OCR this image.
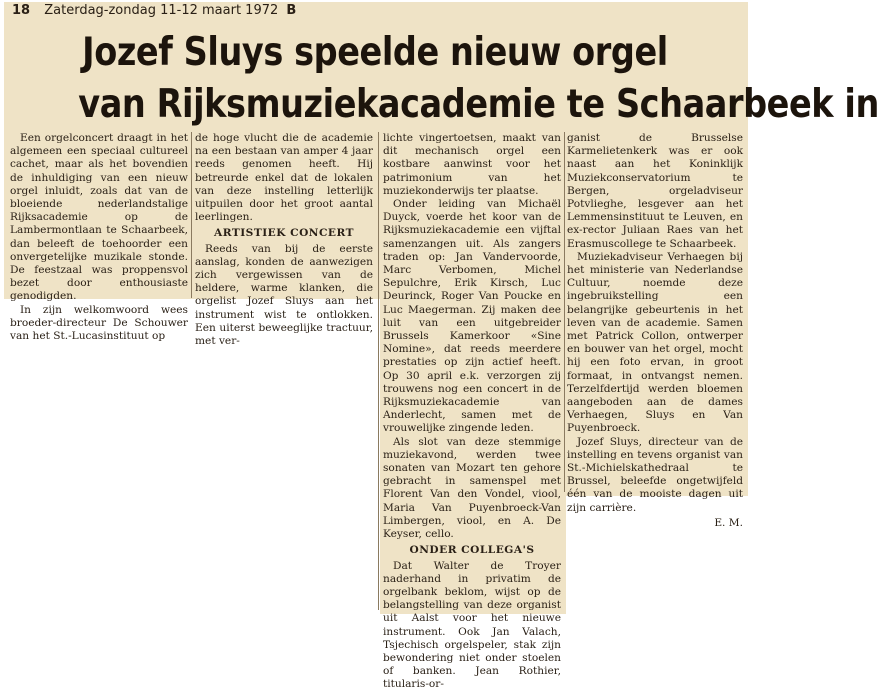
18 Zaterdag-zondag 11-12 maart 1972 B
Jozef Sluys speelde nieuw orgel
van Rijksmuziekacademie te Schaarbeek in

Een orgelconcert draagt in het algemeen een speciaal cultureel cachet, maar als het bovendien de inhuldiging van een nieuw orgel inluidt, zoals dat van de bloeiende nederlandstalige Rijksacademie op de Lambermontlaan te Schaarbeek, dan beleeft de toehoorder een onvergetelijke muzikale stonde. De feestzaal was proppensvol bezet door enthousiaste genodigden.

In zijn welkomwoord wees broeder-directeur De Schouwer van het St.-Lucasinstituut op

de hoge vlucht die de academie na een bestaan van amper 4 jaar reeds genomen heeft. Hij betreurde enkel dat de lokalen van deze instelling letterlijk uitpuilen door het groot aantal leerlingen.

ARTISTIEK CONCERT

Reeds van bij de eerste aanslag, konden de aanwezigen zich vergewissen van de heldere, warme klanken, die orgelist Jozef Sluys aan het instrument wist te ontlokken. Een uiterst beweeglijke tractuur, met ver-

lichte vingertoetsen, maakt van dit mechanisch orgel een kostbare aanwinst voor het patrimonium van het muziekonderwijs ter plaatse.

Onder leiding van Michaël Duyck, voerde het koor van de Rijksmuziekacademie een vijftal samenzangen uit. Als zangers traden op: Jan Vandervoorde, Marc Verbomen, Michel Sepulchre, Erik Kirsch, Luc Deurinck, Roger Van Poucke en Luc Maegerman. Zij maken dee luit van een uitgebreider Brussels Kamerkoor «Sine Nomine», dat reeds meerdere prestaties op zijn actief heeft. Op 30 april e.k. verzorgen zij trouwens nog een concert in de Rijksmuziekacademie van Anderlecht, samen met de vrouwelijke zingende leden.

Als slot van deze stemmige muziekavond, werden twee sonaten van Mozart ten gehore gebracht in samenspel met Florent Van den Vondel, viool, Maria Van Puyenbroeck-Van Limbergen, viool, en A. De Keyser, cello.

ONDER COLLEGA'S

Dat Walter de Troyer naderhand in privatim de orgelbank beklom, wijst op de belangstelling van deze organist uit Aalst voor het nieuwe instrument. Ook Jan Valach, Tsjechisch orgelspeler, stak zijn bewondering niet onder stoelen of banken. Jean Rothier, titularis-or-

ganist de Brusselse Karmelietenkerk was er ook naast aan het Koninklijk Muziekconservatorium te Bergen, orgeladviseur Potvlieghe, lesgever aan het Lemmensinstituut te Leuven, en ex-rector Juliaan Raes van het Erasmuscollege te Schaarbeek.

Muziekadviseur Verhaegen bij het ministerie van Nederlandse Cultuur, noemde deze ingebruikstelling een belangrijke gebeurtenis in het leven van de academie. Samen met Patrick Collon, ontwerper en bouwer van het orgel, mocht hij een foto ervan, in groot formaat, in ontvangst nemen. Terzelfdertijd werden bloemen aangeboden aan de dames Verhaegen, Sluys en Van Puyenbroeck.

Jozef Sluys, directeur van de instelling en tevens organist van St.-Michielskathedraal te Brussel, beleefde ongetwijfeld één van de mooiste dagen uit zijn carrière.

E. M.
